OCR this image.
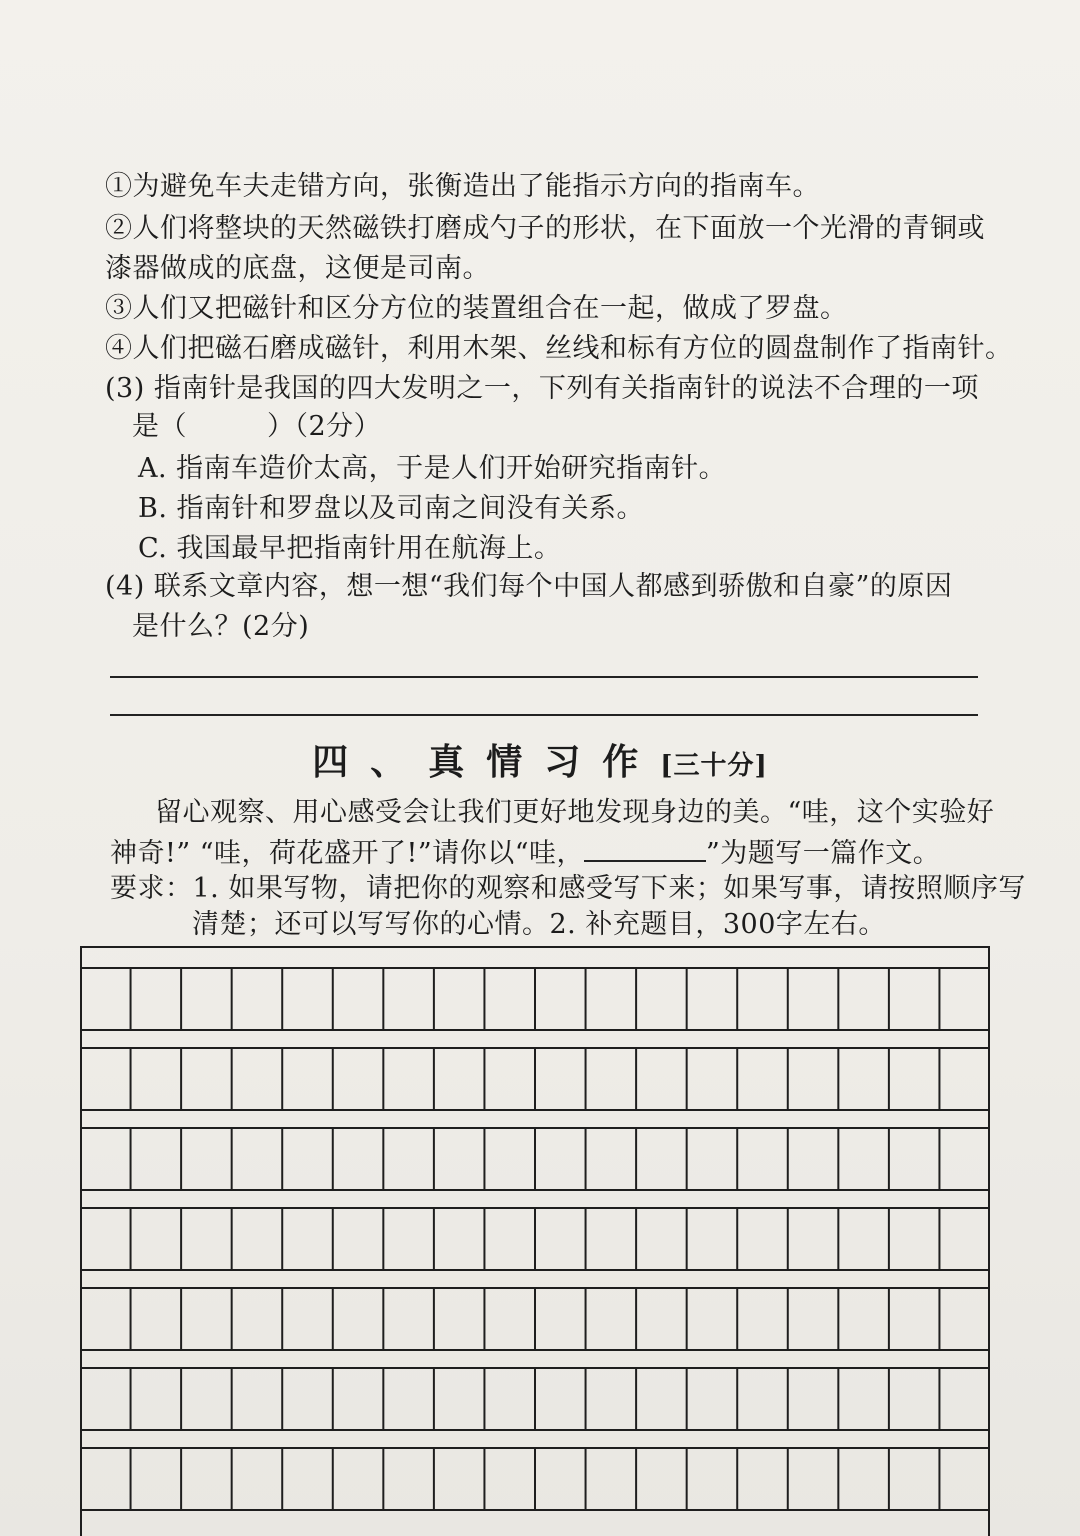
①为避免车夫走错方向，张衡造出了能指示方向的指南车。
②人们将整块的天然磁铁打磨成勺子的形状，在下面放一个光滑的青铜或
漆器做成的底盘，这便是司南。
③人们又把磁针和区分方位的装置组合在一起，做成了罗盘。
④人们把磁石磨成磁针，利用木架、丝线和标有方位的圆盘制作了指南针。
(3) 指南针是我国的四大发明之一，下列有关指南针的说法不合理的一项
是（	）（2分）
A. 指南车造价太高，于是人们开始研究指南针。
B. 指南针和罗盘以及司南之间没有关系。
C. 我国最早把指南针用在航海上。
(4) 联系文章内容，想一想“我们每个中国人都感到骄傲和自豪”的原因
是什么？(2分)
四、真情习作[三十分]
留心观察、用心感受会让我们更好地发现身边的美。“哇，这个实验好
神奇!” “哇，荷花盛开了!”请你以“哇，	”为题写一篇作文。
要求：1. 如果写物，请把你的观察和感受写下来；如果写事，请按照顺序写
清楚；还可以写写你的心情。2. 补充题目，300字左右。
